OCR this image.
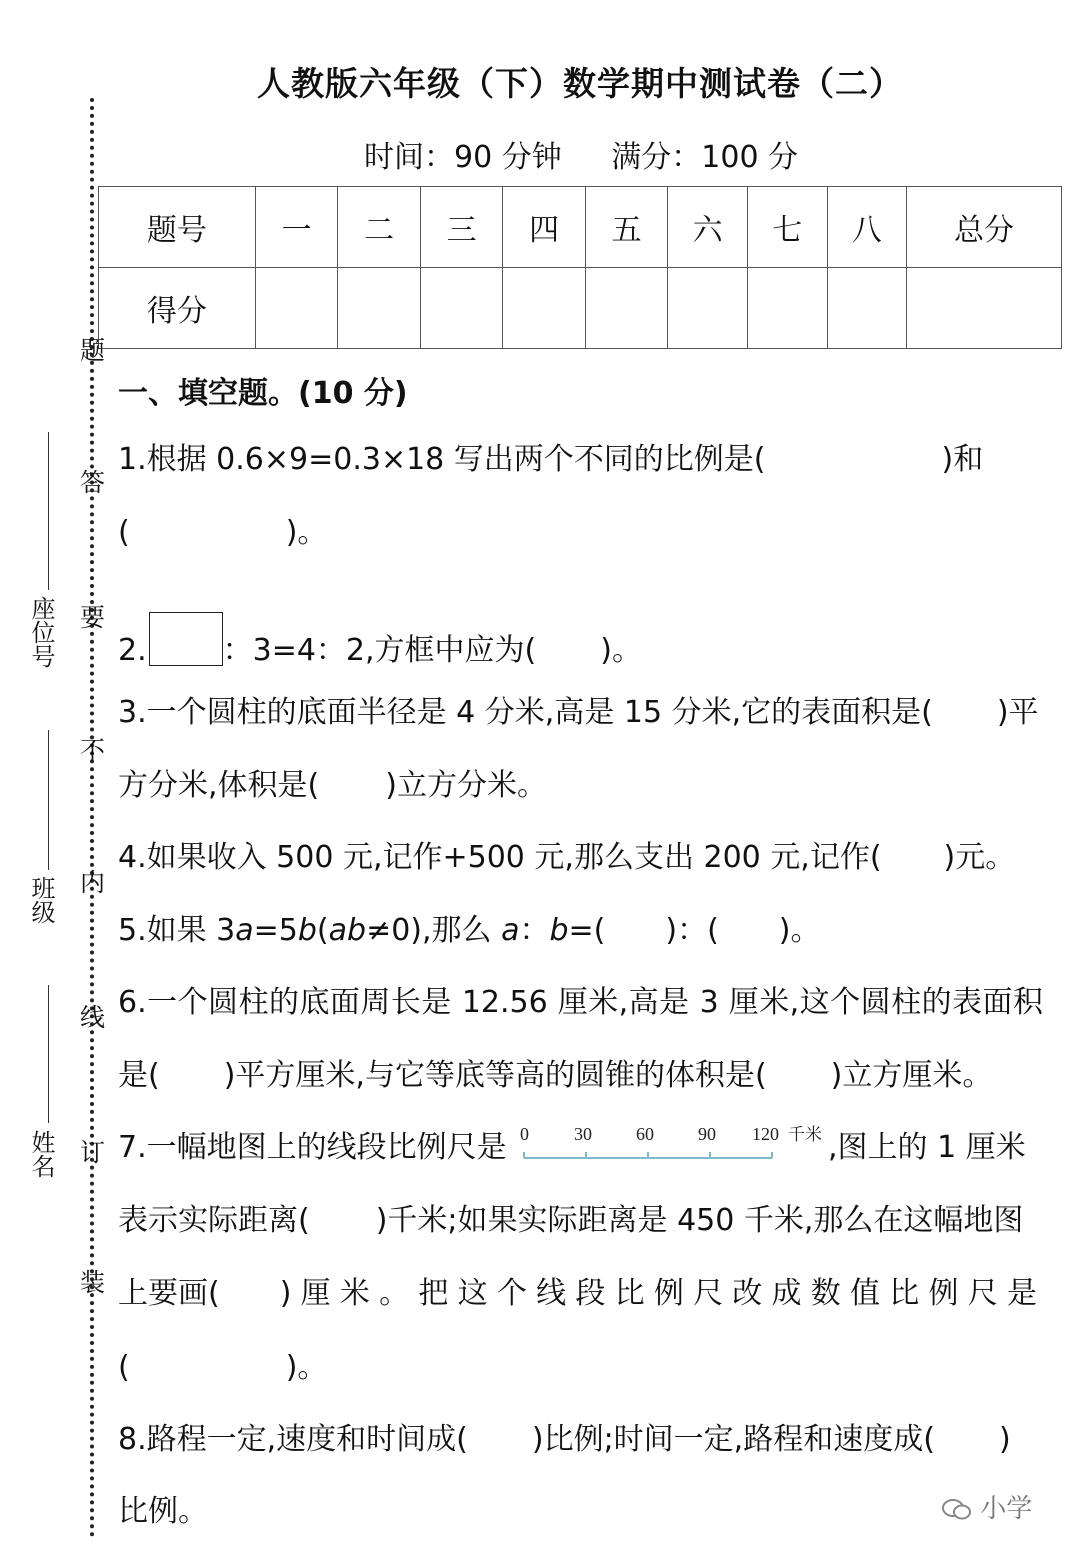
人教版六年级（下）数学期中测试卷（二）
时间：90 分钟 满分：100 分
题号	一	二	三	四	五	六	七	八	总分
得分									
题
答
要
不
内
线
订
装
座位号
班级
姓名
一、填空题。(10 分)
1.根据 0.6×9=0.3×18 写出两个不同的比例是(	)和
(	)。
2.	：3=4：2,方框中应为( )。
3.一个圆柱的底面半径是 4 分米,高是 15 分米,它的表面积是( )平
方分米,体积是( )立方分米。
4.如果收入 500 元,记作+500 元,那么支出 200 元,记作( )元。
5.如果 3a=5b(ab≠0),那么 a：b=( )：( )。
6.一个圆柱的底面周长是 12.56 厘米,高是 3 厘米,这个圆柱的表面积
是( )平方厘米,与它等底等高的圆锥的体积是( )立方厘米。
7.一幅地图上的线段比例尺是 0	30 60 90 120 千米 ,图上的 1 厘米
表示实际距离( )千米;如果实际距离是 450 千米,那么在这幅地图
上要画( )厘米。把这个线段比例尺改成数值比例尺是
(	)。
8.路程一定,速度和时间成( )比例;时间一定,路程和速度成( )
比例。	小学
